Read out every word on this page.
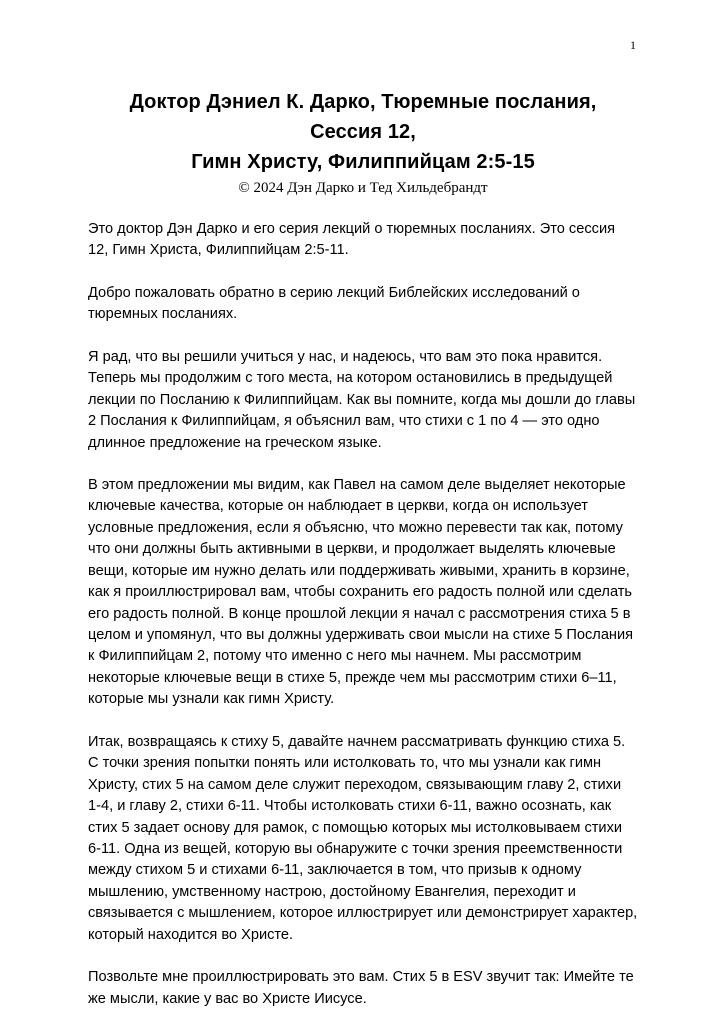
1
Доктор Дэниел К. Дарко, Тюремные послания,
Сессия 12,
Гимн Христу, Филиппийцам 2:5-15
© 2024 Дэн Дарко и Тед Хильдебрандт

Это доктор Дэн Дарко и его серия лекций о тюремных посланиях. Это сессия 12, Гимн Христа, Филиппийцам 2:5-11.

Добро пожаловать обратно в серию лекций Библейских исследований о тюремных посланиях.

Я рад, что вы решили учиться у нас, и надеюсь, что вам это пока нравится. Теперь мы продолжим с того места, на котором остановились в предыдущей лекции по Посланию к Филиппийцам. Как вы помните, когда мы дошли до главы 2 Послания к Филиппийцам, я объяснил вам, что стихи с 1 по 4 — это одно длинное предложение на греческом языке.

В этом предложении мы видим, как Павел на самом деле выделяет некоторые ключевые качества, которые он наблюдает в церкви, когда он использует условные предложения, если я объясню, что можно перевести так как, потому что они должны быть активными в церкви, и продолжает выделять ключевые вещи, которые им нужно делать или поддерживать живыми, хранить в корзине, как я проиллюстрировал вам, чтобы сохранить его радость полной или сделать его радость полной. В конце прошлой лекции я начал с рассмотрения стиха 5 в целом и упомянул, что вы должны удерживать свои мысли на стихе 5 Послания к Филиппийцам 2, потому что именно с него мы начнем. Мы рассмотрим некоторые ключевые вещи в стихе 5, прежде чем мы рассмотрим стихи 6–11, которые мы узнали как гимн Христу.

Итак, возвращаясь к стиху 5, давайте начнем рассматривать функцию стиха 5. С точки зрения попытки понять или истолковать то, что мы узнали как гимн Христу, стих 5 на самом деле служит переходом, связывающим главу 2, стихи 1-4, и главу 2, стихи 6-11. Чтобы истолковать стихи 6-11, важно осознать, как стих 5 задает основу для рамок, с помощью которых мы истолковываем стихи 6-11. Одна из вещей, которую вы обнаружите с точки зрения преемственности между стихом 5 и стихами 6-11, заключается в том, что призыв к одному мышлению, умственному настрою, достойному Евангелия, переходит и связывается с мышлением, которое иллюстрирует или демонстрирует характер, который находится во Христе.

Позвольте мне проиллюстрировать это вам. Стих 5 в ESV звучит так: Имейте те же мысли, какие у вас во Христе Иисусе.
